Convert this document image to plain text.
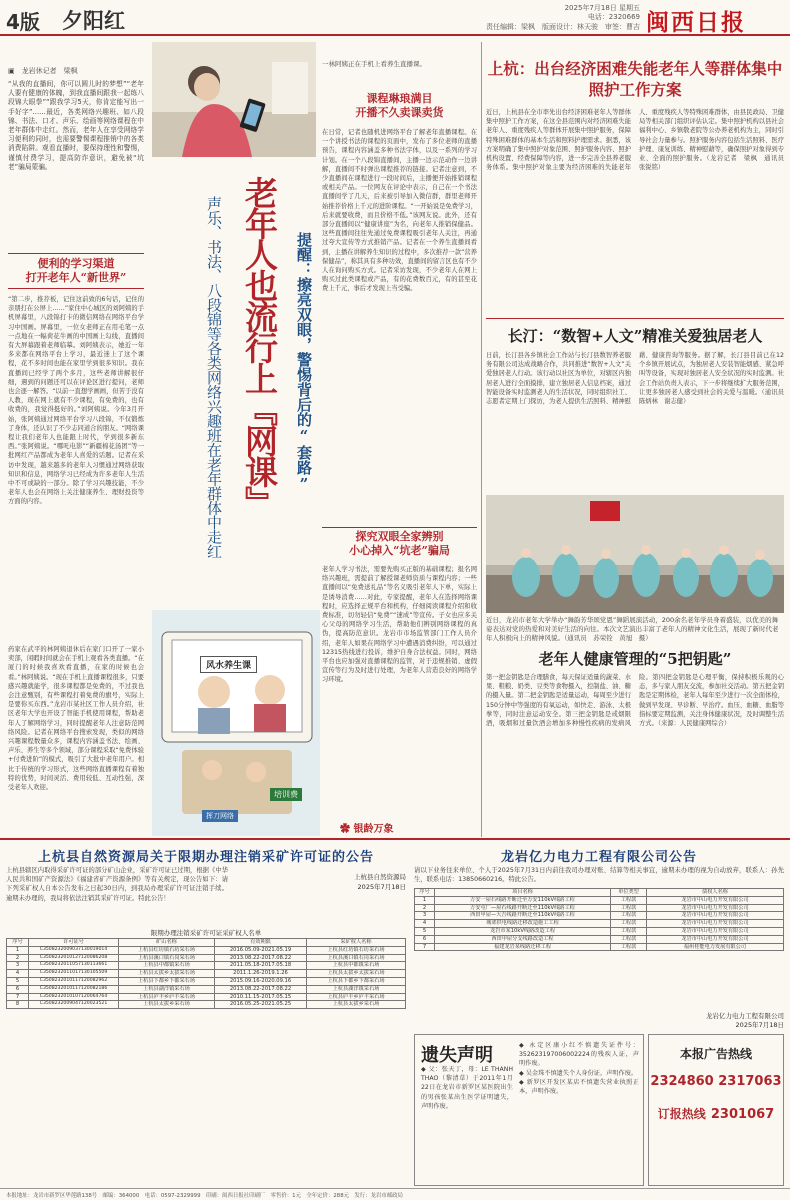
4版 夕阳红	2025年7月18日 星期五
电话：2320669
责任编辑：梁枫　版面设计：林天骏　审签：曹吉 闽西日报
▣　龙岩休记者　梁枫
“从我的直播间，你可以圆儿时的梦想”“老年人要有健康的体魄，到我直播间跟我一起练八段锦大眼拳”“跟我学习5天，你肯定能写出一手好字”……最近，各类网络兴趣班、如八段锦、书法、口才、声乐、绘画等网络课程在中老年群体中走红。然而，老年人在享受网络学习便利的同时，也需要警惕课程推销中的各类消费陷阱。观看直播时，要保持理性和警惕，谨慎付费学习，提高防诈意识，避免被“坑老”骗局蒙骗。
便利的学习渠道
打开老年人“新世界”
“第二步，推荐板，记住这前致的6句话，记住的亲朋打在公屏上……”家住中心城区的刘阿姨的手机屏幕里，八段锦打卡的微信网络在网络平台学习中国画。屏幕里，一位女老师正在用毛笔一点一点地在一幅荷花牛画的中国画上勾线，直播间有大屏幕跟着老师临摹。刘阿姨表示，她近一年多来都在网络平台上学习，最近迷上了这个课程，花不多时间也能在家里学到很多知识。我在直播间已经学了两个多月，这些老师讲解很仔细，遇到的问题还可以在评论区进行提问，老师也会逐一解答。“以前一直想学画画，但苦于没有人教，现在网上就有不少课程，有免费的，也有收费的，我觉得挺好的。”刘阿姨说。今年3月开始，张阿姨通过网络平台学习八段锦，不仅锻炼了身体，还认识了不少志同道合的朋友。“网络课程让我们老年人也能跟上时代，学到很多新东西。”张阿姨说。“哪吒电影”“新疆棉花汤团”等一批网红产品都成为老年人喜爱的话题。记者在采访中发现，越来越多的老年人习惯通过网络获取知识和信息，网络学习已经成为许多老年人生活中不可或缺的一部分。除了学习兴趣技能，不少老年人也会在网络上关注健康养生、理财投资等方面的内容。
药家在武平的林阿姨退休后在家门口开了一家小卖部，闲暇时间就会在手机上观看各类直播。“在厦门的时候我喜欢看直播，在家的时候也会看。”林阿姨说。“现在手机上直播课程很多，只要感兴趣就能学，很多课程都是免费的，不过我也会注意甄别，有些课程打着免费的旗号，实际上是要你买东西。”龙岩市某社区工作人员介绍，社区老年大学也开设了智能手机使用课程，帮助老年人了解网络学习，同时提醒老年人注意防范网络风险。记者在网络平台搜索发现，类似的网络兴趣课程数量众多，课程内容涵盖书法、绘画、声乐、养生等多个领域，部分课程采取“免费体验+付费进阶”的模式，吸引了大批中老年用户。相比于传统的学习形式，这些网络直播课程有着独特的优势，时间灵活、费用较低、互动性强，深受老年人欢迎。
一林阿姨正在手机上看养生直播课。
提醒：擦亮双眼，警惕背后的“套路”
老年人也流行上『网课』
声乐、书法、八段锦等各类网络兴趣班在老年群体中走红
课程琳琅满目
开播不久卖课卖货
在日常，记者也随机进网络平台了解老年直播课程。在一个讲授书法的课程的页面中，发布了多位老师的直播预告，课程内容涵盖多种书法字体，以及一系列的学习计划。在一个八段锦直播间，主播一边示范动作一边讲解，直播间不时弹出课程推荐的链接。记者注意到，不少直播间在课程进行一段时间后，主播便开始推销课程或相关产品。一位网友在评论中表示，自己在一个书法直播间学了几天，后来被引导加入微信群，群里老师开始推荐价格上千元的进阶课程。“一开始说是免费学习，后来就要收费，而且价格不低。”该网友说。此外，还有部分直播间以“健康讲座”为名，向老年人推销保健品。这些直播间往往先通过免费课程吸引老年人关注，再通过夸大宣传等方式推销产品。记者在一个养生直播间看到，主播在讲解养生知识的过程中，多次推荐一款“营养保健品”，称其具有多种功效，直播间的留言区也有不少人在询问购买方式。记者采访发现，不少老年人在网上购买过此类课程或产品，有的花费数百元，有的甚至花费上千元，事后才发现上当受骗。
探究双眼全家辨别
小心掉入“坑老”骗局
老年人学习书法，需要先购买正版的基础课程；报名网络兴趣班，需提前了解授课老师资质与课程内容；一些直播间以“免费送礼品”等名义吸引老年人下单，实际上是诱导消费……对此，专家提醒，老年人在选择网络课程时，应选择正规平台和机构，仔细阅读课程介绍和收费标准，切勿轻信“免费”“速成”等宣传。子女也应多关心父母的网络学习生活，帮助他们辨别网络课程的真伪，提高防范意识。龙岩市市场监管部门工作人员介绍，老年人如果在网络学习中遭遇消费纠纷，可以通过12315热线进行投诉，维护自身合法权益。同时，网络平台也应加强对直播课程的监管，对于违规推销、虚假宣传等行为及时进行处理，为老年人营造良好的网络学习环境。
风水养生课
挥刀网络
培训费
✿ 银龄万象
上杭：出台经济困难失能老年人等群体集中照护工作方案
近日，上杭县在全市率先出台经济困难老年人等群体集中照护工作方案，在这全县范围内对经济困难失能老年人、重度残疾人等群体开展集中照护服务，保障特殊困难群体的基本生活和照料护理需求。据悉，该方案明确了集中照护对象范围、照护服务内容、照护机构设置、经费保障等内容，进一步完善全县养老服务体系。集中照护对象主要为经济困难的失能老年人、重度残疾人等特殊困难群体，由县民政局、卫健局等相关部门组织评估认定。集中照护机构以县社会福利中心、乡镇敬老院等公办养老机构为主，同时引导社会力量参与。照护服务内容包括生活照料、医疗护理、康复训练、精神慰藉等，确保照护对象得到专业、全面的照护服务。（龙岩记者　梁枫　通讯员　张锐铭）
长汀：“数智+人文”精准关爱独居老人
日前，长汀县各乡镇社会工作站与长汀县数智养老服务有限公司达成战略合作，共同推进“数智+人文”关爱独居老人行动。该行动以社区为单位，对辖区内独居老人进行全面摸排，建立独居老人信息档案，通过智能设备实时监测老人的生活状况，同时组织社工、志愿者定期上门探访，为老人提供生活照料、精神慰藉、健康咨询等服务。据了解，长汀县目前已在12个乡镇开展试点，为独居老人安装智能烟感、紧急呼叫等设备，实现对独居老人安全状况的实时监测。社会工作站负责人表示，下一步将继续扩大服务范围，让更多独居老人感受到社会的关爱与温暖。（通讯员　陈炳林　谢志健）
近日，龙岩市老年大学举办“舞韵芳华颂党恩”舞蹈展演活动，200余名老年学员身着盛装，以优美的舞姿表达对党的热爱和对美好生活的向往。本次文艺演出丰富了老年人的精神文化生活，展现了新时代老年人积极向上的精神风貌。（通讯员　苏荣铨　黄旭　摄）
老年人健康管理的“5把钥匙”
第一把金钥匙是合理膳食，每天保证适量的蔬菜、水果、粗粮、奶类、豆类等食物摄入，控制盐、油、糖的摄入量。第二把金钥匙是适量运动，每周至少进行150分钟中等强度的有氧运动，如快走、游泳、太极拳等，同时注意运动安全。第三把金钥匙是戒烟限酒，吸烟和过量饮酒会增加多种慢性疾病的发病风险。第四把金钥匙是心理平衡，保持积极乐观的心态，多与家人朋友交流，参加社交活动。第五把金钥匙是定期体检，老年人每年至少进行一次全面体检，做到早发现、早诊断、早治疗。血压、血糖、血脂等指标要定期监测，关注身体健康状况，及时调整生活方式。（来源：人民健康网综合）
上杭县自然资源局关于限期办理注销采矿许可证的公告
上杭县辖区内取得采矿许可证的部分矿山企业，采矿许可证已过期，根据《中华人民共和国矿产资源法》《福建省矿产资源条例》等有关规定，现公告如下：请下列采矿权人自本公告发布之日起30日内，到我局办理采矿许可证注销手续。逾期未办理的，我局将依法注销其采矿许可证。特此公告！
上杭县自然资源局
2025年7月18日
限期办理注销采矿许可证采矿权人名单
序号	许可证号	矿山名称	有效期限	采矿权人名称
1	C3508232009037130019014	上杭县红坊镇石坊采石场	2016.05.09-2021.05.19	上杭县红坊镇石坊采石场
2	C3508232010127120086208	上杭县溪口镇石岗采石场	2013.08.22-2017.08.22	上杭县溪口镇石岗采石场
3	C3508232011057130113661	上杭县中都镇采石场	2011.05.18-2017.05.18	上杭县中都镇采石场
4	C3508232011017130105509	上杭县太拔乡太拔采石场	2011.1.26-2019.1.26	上杭县太拔乡太拔采石场
5	C3508232010117120082962	上杭县下都乡下都采石场	2015.09.16-2020.09.16	上杭县下都乡下都采石场
6	C3508232010117120082186	上杭县湖洋镇采石场	2013.08.22-2017.08.22	上杭县湖洋镇采石场
7	C3508232010107120064764	上杭县庐丰乡庐丰采石场	2010.11.15-2017.05.15	上杭县庐丰乡庐丰采石场
8	C3508232009047120023521	上杭县太拔乡采石场	2016.05.25-2021.05.25	上杭县太拔乡采石场
龙岩亿力电力工程有限公司公告
请以下业务往来单位、个人于2025年7月31日内前往我司办理对账、结算等相关事宜，逾期未办理的视为自动放弃，联系人：孙先生，联系电话：13850660216。特此公告。
序号	项目名称	单位类型	债权人名称
1	万安一屋石线路开断迁至万安110kV线路工程	工程款	龙岩市中山电力开发有限公司
2	万安屯厂—屋石线路开断迁至110kV线路工程	工程款	龙岩市中山电力开发有限公司
3	西田甲屋—大吉线路开断迁至110kV线路工程	工程款	龙岩市中山电力开发有限公司
4	城郊供电线路迁移改造施工工程	工程款	龙岩市中山电力开发有限公司
5	龙岩市某10kV线路改造工程	工程款	龙岩市中山电力开发有限公司
6	西田甲屋分支线路改造工程	工程款	龙岩市中山电力开发有限公司
7	福建龙岩某线路迁移工程	工程款	福州桂能电力发展有限公司
龙岩亿力电力工程有限公司
2025年7月18日
遗失声明
◆ 父：张天丁，母：LE THANH THAO（黎清草）于2011年1月22日在龙岩市新罗区某医院出生的男孩张某出生医学证明遗失，声明作废。
◆ 永定区康小红不慎遗失证件号：352623197006002224的残疾人证，声明作废。
◆ 吴金珠不慎遗失个人身份证，声明作废。
◆ 新罗区开发区某店不慎遗失营业执照正本，声明作废。
本报广告热线
2324860 2317063
订报热线 2301067
本报地址：龙岩市新罗区华莲路138号　邮编：364000　电话：0597-2329999　印刷：闽西日报社印刷厂　零售价：1元　全年定价：288元　发行：龙岩市邮政局
